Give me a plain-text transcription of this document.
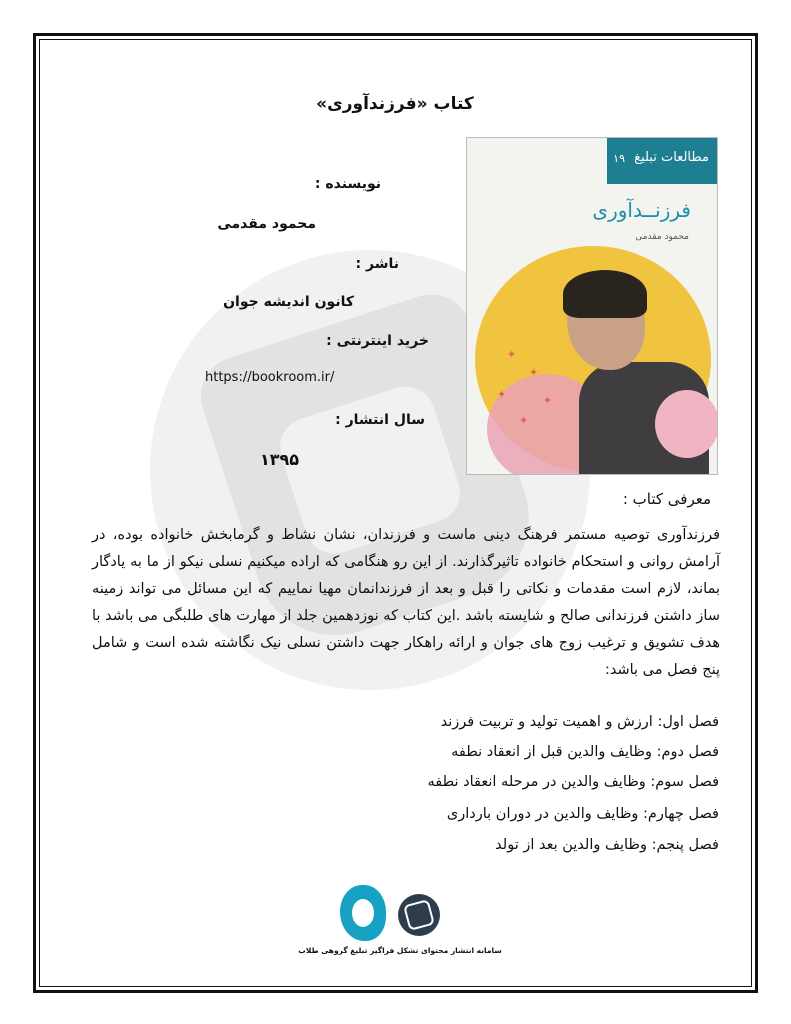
کتاب «فرزندآوری»
نویسنده :
محمود مقدمی
ناشر :
کانون اندیشه جوان
خرید اینترنتی :
https://bookroom.ir/
سال انتشار :
۱۳۹۵
✦
✦
✦	✦
✦
مطالعات تبلیغ
۱۹
فرزنــدآوری
محمود مقدمی
معرفی کتاب :
فرزندآوری توصیه مستمر فرهنگ دینی ماست و فرزندان، نشان نشاط و گرمابخش خانواده بوده، در آرامش روانی و استحکام خانواده تاثیرگذارند. از این رو هنگامی که اراده میکنیم نسلی نیکو از ما به یادگار بماند، لازم است مقدمات و نکاتی را قبل و بعد از فرزندانمان مهیا نماییم که این مسائل می تواند زمینه ساز داشتن فرزندانی صالح و شایسته باشد .این کتاب که نوزدهمین جلد از مهارت های طلبگی می باشد با هدف تشویق و ترغیب زوج های جوان و ارائه راهکار جهت داشتن نسلی نیک نگاشته شده است و شامل پنج فصل می باشد:
فصل اول: ارزش و اهمیت تولید و تربیت فرزند
فصل دوم: وظایف والدین قبل از انعقاد نطفه
فصل سوم: وظایف والدین در مرحله انعقاد نطفه
فصل چهارم: وظایف والدین در دوران بارداری
فصل پنجم: وظایف والدین بعد از تولد
سامانه انتشار محتوای تشکل فراگیر تبلیغ گروهی طلاب
